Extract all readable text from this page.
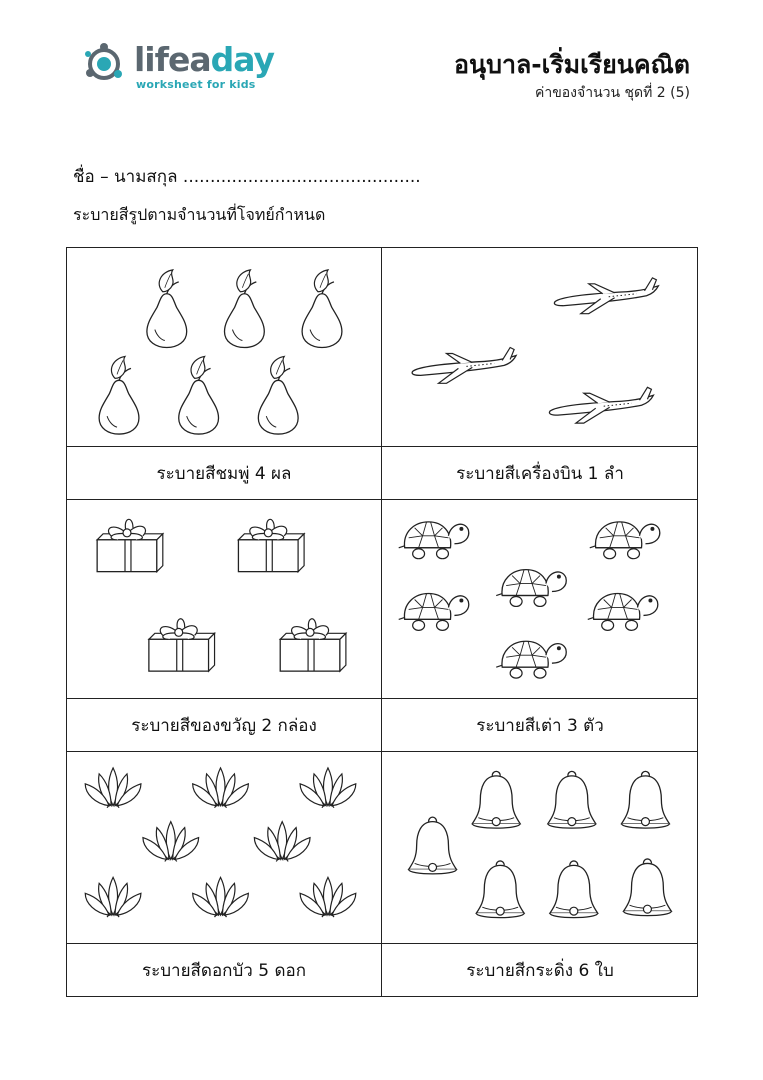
lifeaday
worksheet for kids
อนุบาล-เริ่มเรียนคณิต
ค่าของจำนวน ชุดที่ 2 (5)
ชื่อ – นามสกุล ............................................
ระบายสีรูปตามจำนวนที่โจทย์กำหนด
ระบายสีชมพู่ 4 ผล	ระบายสีเครื่องบิน 1 ลำ
ระบายสีของขวัญ 2 กล่อง	ระบายสีเต่า 3 ตัว
ระบายสีดอกบัว 5 ดอก	ระบายสีกระดิ่ง 6 ใบ
